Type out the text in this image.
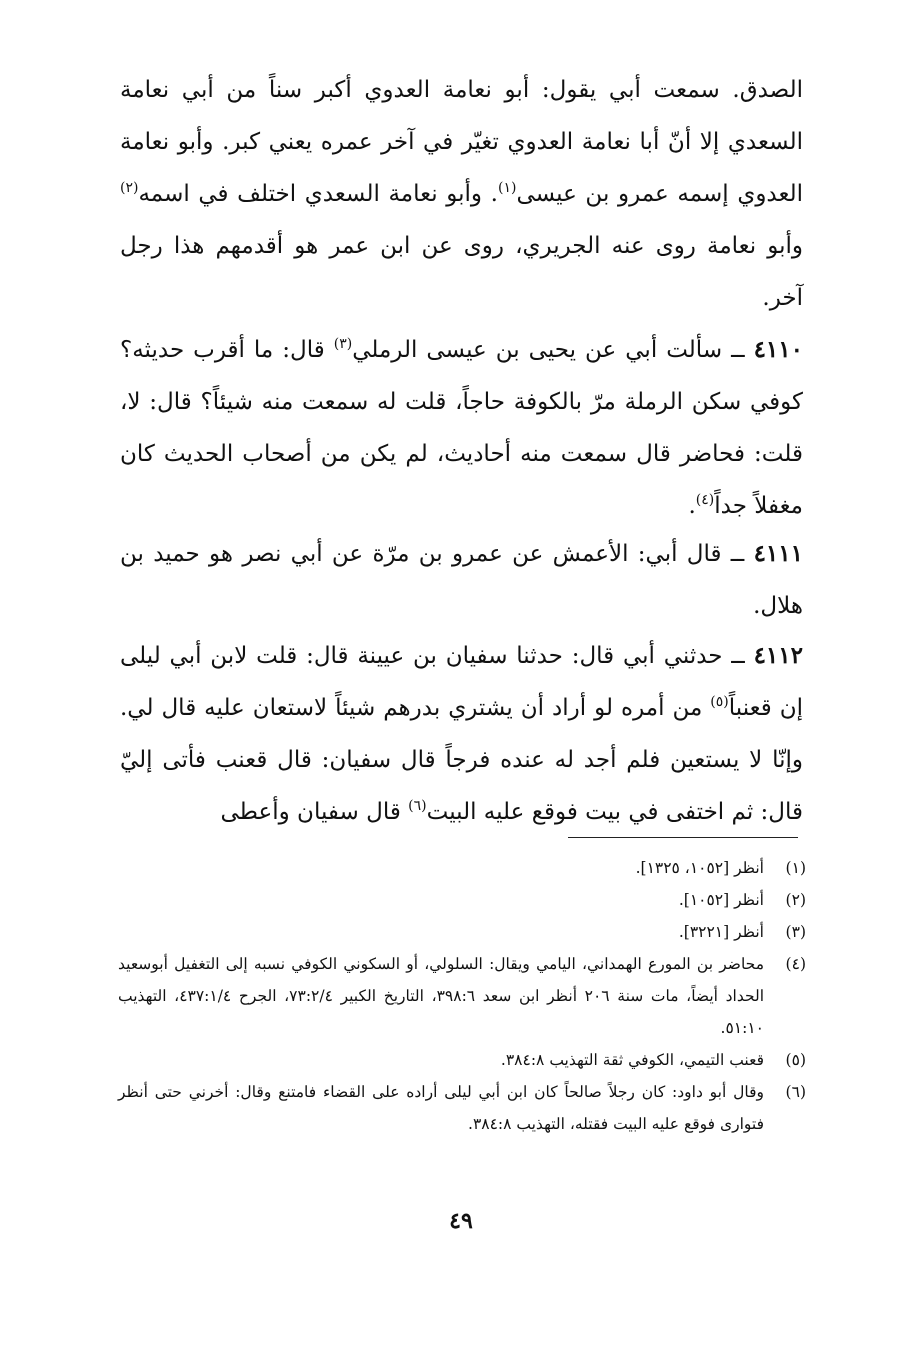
الصدق. سمعت أبي يقول: أبو نعامة العدوي أكبر سناً من أبي نعامة السعدي إلا أنّ أبا نعامة العدوي تغيّر في آخر عمره يعني كبر. وأبو نعامة العدوي إسمه عمرو بن عيسى$^{(١)}$. وأبو نعامة السعدي اختلف في اسمه$^{(٢)}$ وأبو نعامة روى عنه الجريري، روى عن ابن عمر هو أقدمهم هذا رجل آخر.

٤١١٠ ــ سألت أبي عن يحيى بن عيسى الرملي$^{(٣)}$ قال: ما أقرب حديثه؟ كوفي سكن الرملة مرّ بالكوفة حاجاً، قلت له سمعت منه شيئاً؟ قال: لا، قلت: فحاضر قال سمعت منه أحاديث، لم يكن من أصحاب الحديث كان مغفلاً جداً$^{(٤)}$.

٤١١١ ــ قال أبي: الأعمش عن عمرو بن مرّة عن أبي نصر هو حميد بن هلال.

٤١١٢ ــ حدثني أبي قال: حدثنا سفيان بن عيينة قال: قلت لابن أبي ليلى إن قعنباً$^{(٥)}$ من أمره لو أراد أن يشتري بدرهم شيئاً لاستعان عليه قال لي. وإنّا لا يستعين فلم أجد له عنده فرجاً قال سفيان: قال قعنب فأتى إليّ قال: ثم اختفى في بيت فوقع عليه البيت$^{(٦)}$ قال سفيان وأعطى

(١)
أنظر [١٠٥٢، ١٣٢٥].
(٢)
أنظر [١٠٥٢].
(٣)
أنظر [٣٢٢١].
(٤)
محاضر بن المورع الهمداني، اليامي ويقال: السلولي، أو السكوني الكوفي نسبه إلى التغفيل أبوسعيد الحداد أيضاً، مات سنة ٢٠٦ أنظر ابن سعد ٣٩٨:٦، التاريخ الكبير ٧٣:٢/٤، الجرح ٤٣٧:١/٤، التهذيب ٥١:١٠.
(٥)
قعنب التيمي، الكوفي ثقة التهذيب ٣٨٤:٨.
(٦)
وقال أبو داود: كان رجلاً صالحاً كان ابن أبي ليلى أراده على القضاء فامتنع وقال: أخرني حتى أنظر فتوارى فوقع عليه البيت فقتله، التهذيب ٣٨٤:٨.
٤٩
